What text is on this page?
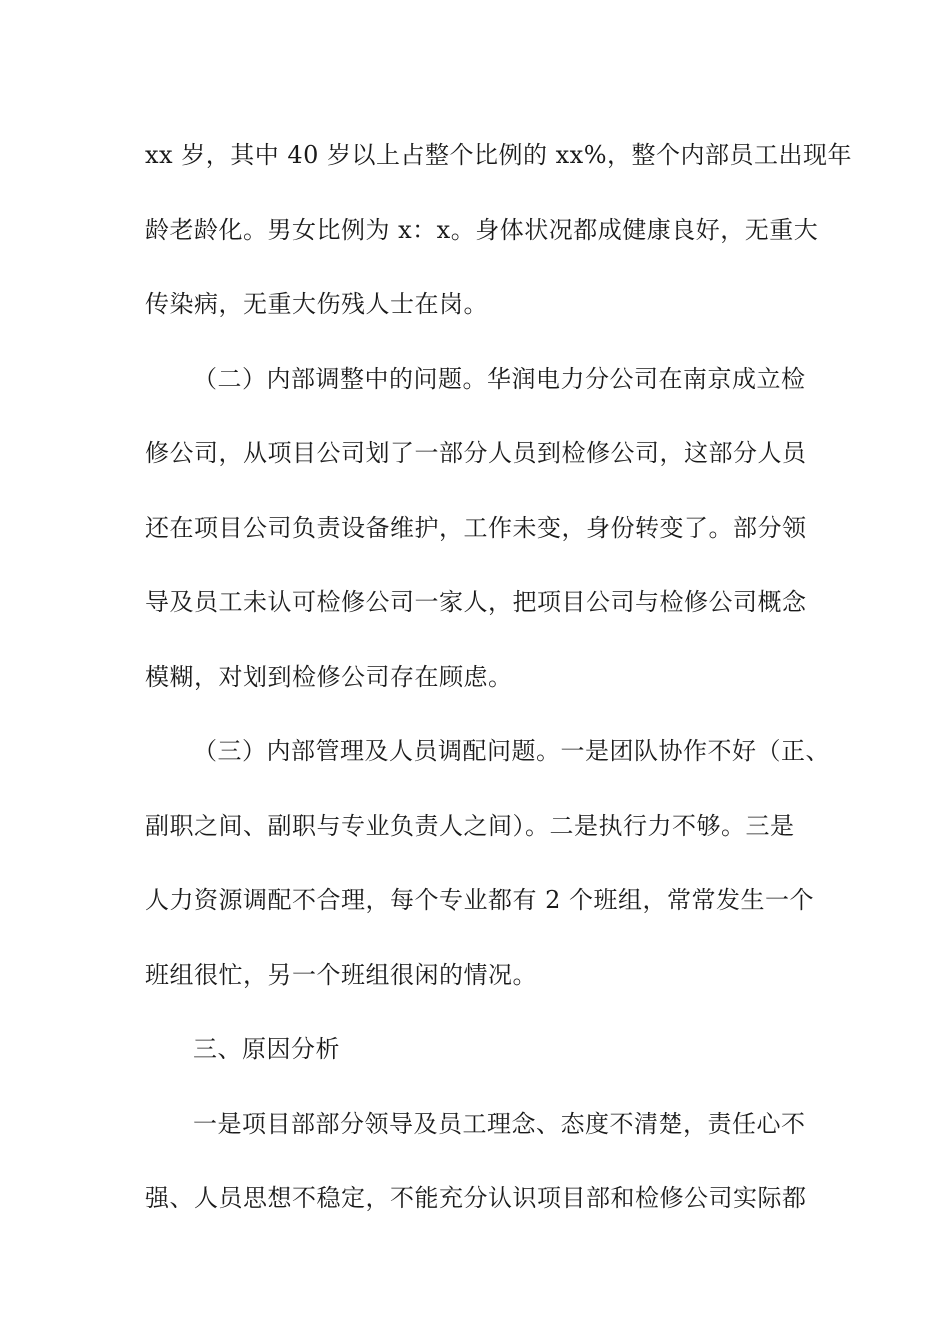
xx 岁，其中 40 岁以上占整个比例的 xx%，整个内部员工出现年
龄老龄化。男女比例为 x：x。身体状况都成健康良好，无重大
传染病，无重大伤残人士在岗。
（二）内部调整中的问题。华润电力分公司在南京成立检
修公司，从项目公司划了一部分人员到检修公司，这部分人员
还在项目公司负责设备维护，工作未变，身份转变了。部分领
导及员工未认可检修公司一家人，把项目公司与检修公司概念
模糊，对划到检修公司存在顾虑。
（三）内部管理及人员调配问题。一是团队协作不好（正、
副职之间、副职与专业负责人之间）。二是执行力不够。三是
人力资源调配不合理，每个专业都有 2 个班组，常常发生一个
班组很忙，另一个班组很闲的情况。
三、原因分析
一是项目部部分领导及员工理念、态度不清楚，责任心不
强、人员思想不稳定，不能充分认识项目部和检修公司实际都
